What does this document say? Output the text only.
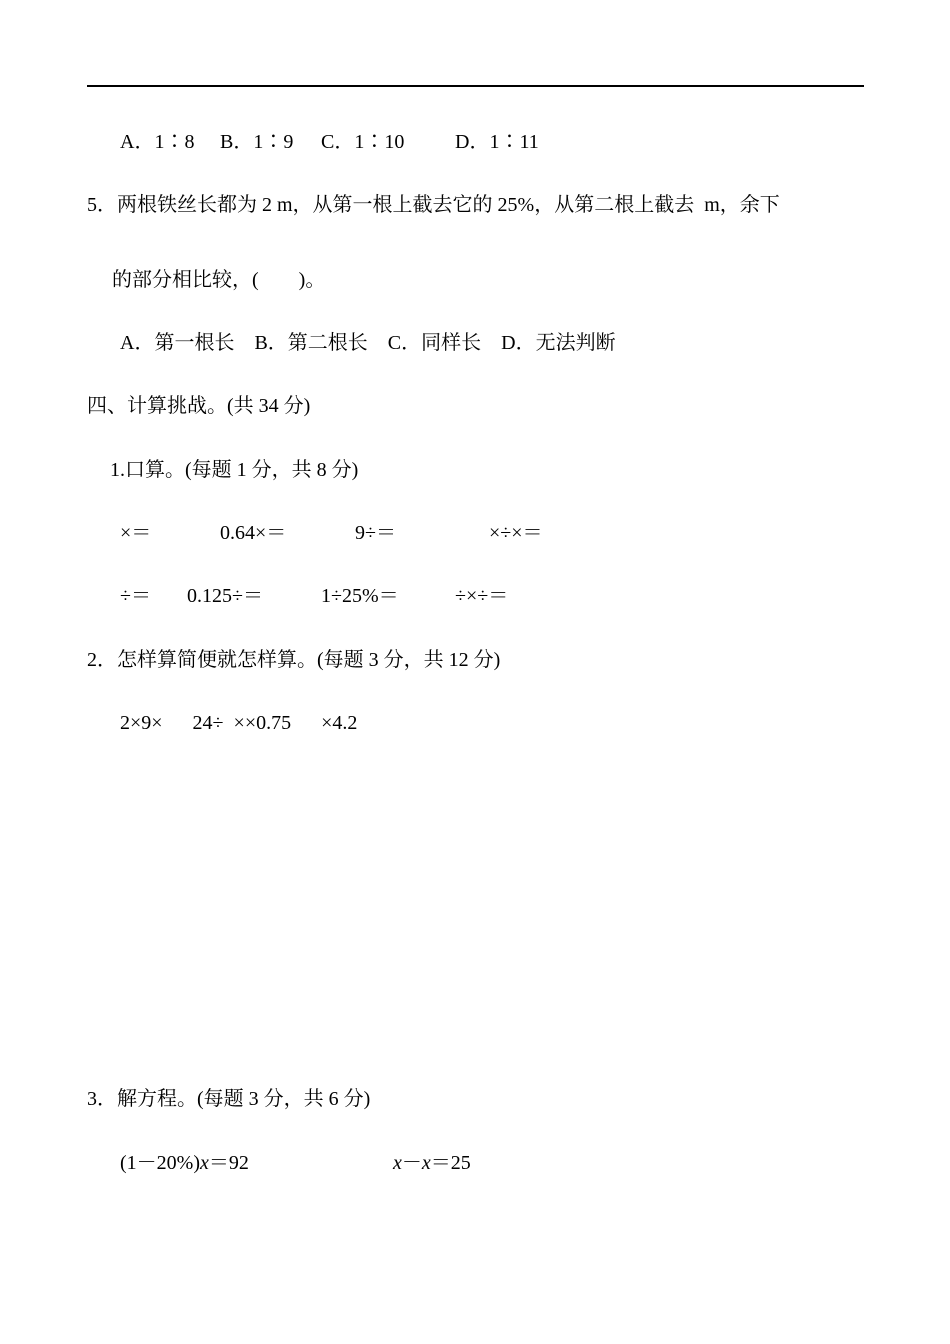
A．1∶8 B．1∶9 C．1∶10	D．1∶11
5．两根铁丝长都为 2 m，从第一根上截去它的 25%，从第二根上截去  m，余下
的部分相比较，(        )。
A．第一根长    B．第二根长    C．同样长    D．无法判断
四、计算挑战。(共 34 分)
1.口算。(每题 1 分，共 8 分)
×＝	0.64×＝	9÷＝	×÷×＝
÷＝ 0.125÷＝	1÷25%＝	÷×÷＝
2．怎样算简便就怎样算。(每题 3 分，共 12 分)
2×9×      24÷  ××0.75      ×4.2
3．解方程。(每题 3 分，共 6 分)
(1－20%)x＝92	x－x＝25
